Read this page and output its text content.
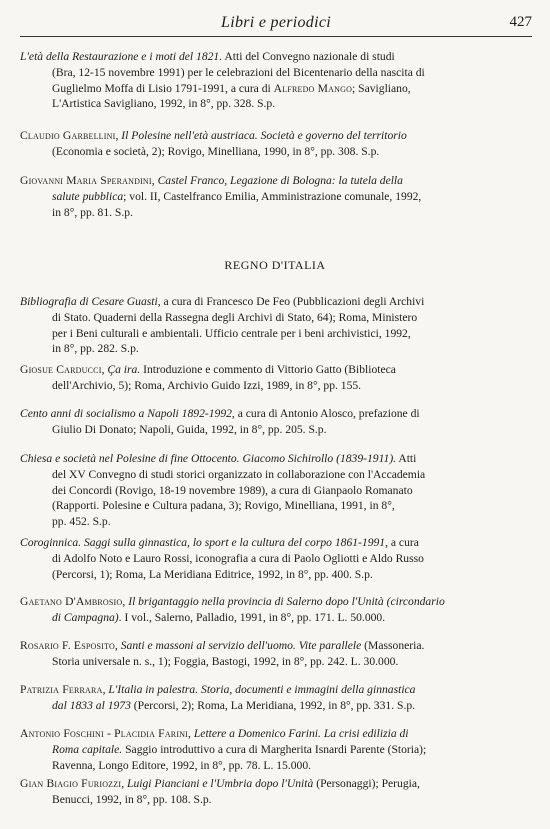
Libri e periodici	427
REGNO D'ITALIA
L'età della Restaurazione e i moti del 1821. Atti del Convegno nazionale di studi
(Bra, 12-15 novembre 1991) per le celebrazioni del Bicentenario della nascita di
Guglielmo Moffa di Lisio 1791-1991, a cura di Alfredo Mango; Savigliano,
L'Artistica Savigliano, 1992, in 8°, pp. 328. S.p.
Claudio Garbellini, Il Polesine nell'età austriaca. Società e governo del territorio
(Economia e società, 2); Rovigo, Minelliana, 1990, in 8°, pp. 308. S.p.
Giovanni Maria Sperandini, Castel Franco, Legazione di Bologna: la tutela della
salute pubblica; vol. II, Castelfranco Emilia, Amministrazione comunale, 1992,
in 8°, pp. 81. S.p.
Bibliografia di Cesare Guasti, a cura di Francesco De Feo (Pubblicazioni degli Archivi
di Stato. Quaderni della Rassegna degli Archivi di Stato, 64); Roma, Ministero
per i Beni culturali e ambientali. Ufficio centrale per i beni archivistici, 1992,
in 8°, pp. 282. S.p.
Giosue Carducci, Ça ira. Introduzione e commento di Vittorio Gatto (Biblioteca
dell'Archivio, 5); Roma, Archivio Guido Izzi, 1989, in 8°, pp. 155.
Cento anni di socialismo a Napoli 1892-1992, a cura di Antonio Alosco, prefazione di
Giulio Di Donato; Napoli, Guida, 1992, in 8°, pp. 205. S.p.
Chiesa e società nel Polesine di fine Ottocento. Giacomo Sichirollo (1839-1911). Atti
del XV Convegno di studi storici organizzato in collaborazione con l'Accademia
dei Concordi (Rovigo, 18-19 novembre 1989), a cura di Gianpaolo Romanato
(Rapporti. Polesine e Cultura padana, 3); Rovigo, Minelliana, 1991, in 8°,
pp. 452. S.p.
Coroginnica. Saggi sulla ginnastica, lo sport e la cultura del corpo 1861-1991, a cura
di Adolfo Noto e Lauro Rossi, iconografia a cura di Paolo Ogliotti e Aldo Russo
(Percorsi, 1); Roma, La Meridiana Editrice, 1992, in 8°, pp. 400. S.p.
Gaetano D'Ambrosio, Il brigantaggio nella provincia di Salerno dopo l'Unità (circondario
di Campagna). I vol., Salerno, Palladio, 1991, in 8°, pp. 171. L. 50.000.
Rosario F. Esposito, Santi e massoni al servizio dell'uomo. Vite parallele (Massoneria.
Storia universale n. s., 1); Foggia, Bastogi, 1992, in 8°, pp. 242. L. 30.000.
Patrizia Ferrara, L'Italia in palestra. Storia, documenti e immagini della ginnastica
dal 1833 al 1973 (Percorsi, 2); Roma, La Meridiana, 1992, in 8°, pp. 331. S.p.
Antonio Foschini - Placidia Farini, Lettere a Domenico Farini. La crisi edilizia di
Roma capitale. Saggio introduttivo a cura di Margherita Isnardi Parente (Storia);
Ravenna, Longo Editore, 1992, in 8°, pp. 78. L. 15.000.
Gian Biagio Furiozzi, Luigi Pianciani e l'Umbria dopo l'Unità (Personaggi); Perugia,
Benucci, 1992, in 8°, pp. 108. S.p.
